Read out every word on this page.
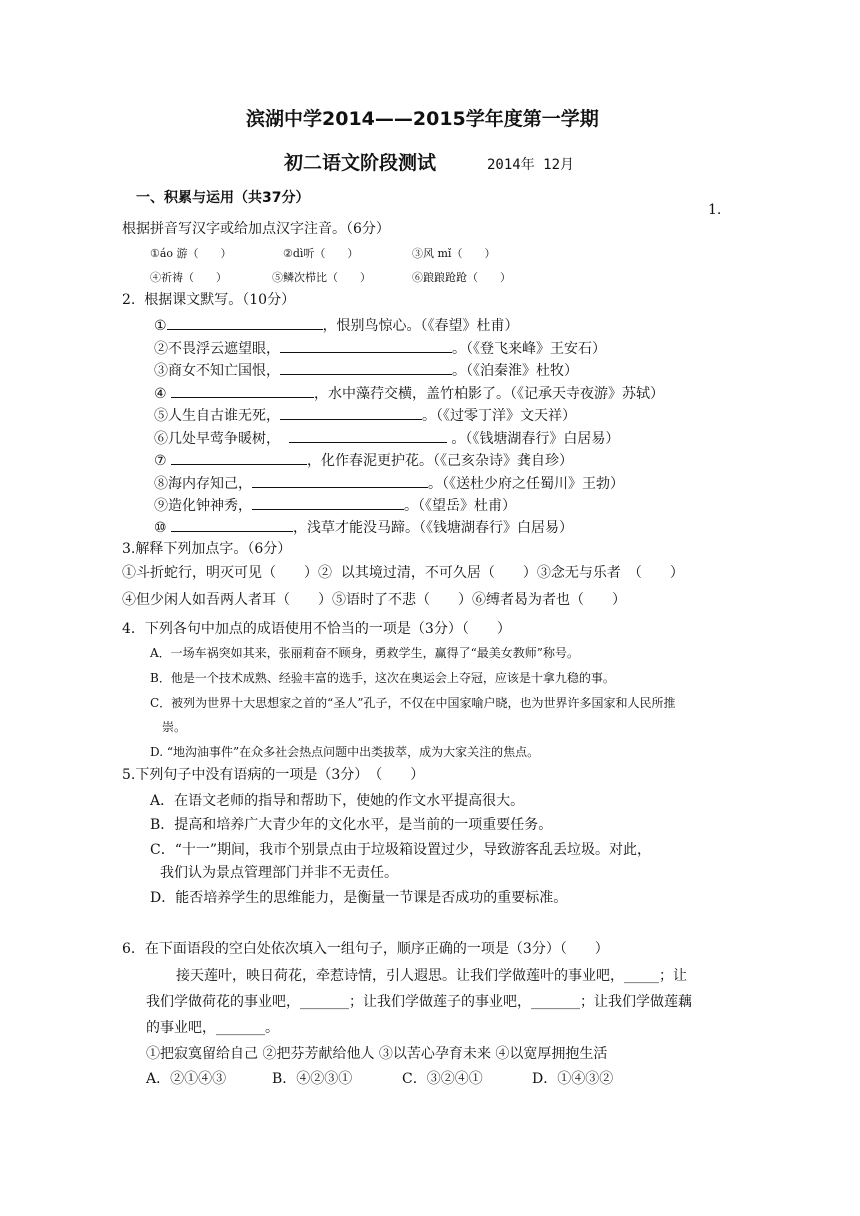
滨湖中学2014——2015学年度第一学期
初二语文阶段测试	2014年 12月
一、积累与运用（共37分）
1.
根据拼音写汉字或给加点汉字注音。（6分）
①áo 游（　　）	②dì听（　　）	③风 mǐ（　　）
④祈祷（　　）	⑤鳞次栉比（　　）	⑥踉踉跄跄（　　）
2.  根据课文默写。（10分）
①	，恨别鸟惊心。（《春望》杜甫）
②不畏浮云遮望眼，	。（《登飞来峰》王安石）
③商女不知亡国恨，	。（《泊秦淮》杜牧）
④	，水中藻荇交横，盖竹柏影了。（《记承天寺夜游》苏轼）
⑤人生自古谁无死，	。（《过零丁洋》文天祥）
⑥几处早莺争暖树，	。（《钱塘湖春行》白居易）
⑦	，化作春泥更护花。（《己亥杂诗》龚自珍）
⑧海内存知己，	。（《送杜少府之任蜀川》王勃）
⑨造化钟神秀，	。（《望岳》杜甫）
⑩	，浅草才能没马蹄。（《钱塘湖春行》白居易）
3.解释下列加点字。（6分）
①斗折蛇行，明灭可见（　　）②  以其境过清，不可久居（　　）③念无与乐者　（　　）
④但少闲人如吾两人者耳（　　）⑤语时了不悲（　　）⑥缚者曷为者也（　　）
4．下列各句中加点的成语使用不恰当的一项是（3分）（　　）
A．一场车祸突如其来，张丽莉奋不顾身，勇救学生，赢得了“最美女教师”称号。
B．他是一个技术成熟、经验丰富的选手，这次在奥运会上夺冠，应该是十拿九稳的事。
C．被列为世界十大思想家之首的“圣人”孔子，不仅在中国家喻户晓，也为世界许多国家和人民所推
崇。
D. “地沟油事件”在众多社会热点问题中出类拔萃，成为大家关注的焦点。
5.下列句子中没有语病的一项是（3分）　（　　）
A．在语文老师的指导和帮助下，使她的作文水平提高很大。
B．提高和培养广大青少年的文化水平，是当前的一项重要任务。
C．“十一”期间，我市个别景点由于垃圾箱设置过少，导致游客乱丢垃圾。对此，
我们认为景点管理部门并非不无责任。
D．能否培养学生的思维能力，是衡量一节课是否成功的重要标准。
6．在下面语段的空白处依次填入一组句子，顺序正确的一项是（3分）（　　）
接天莲叶，映日荷花，牵惹诗情，引人遐思。让我们学做莲叶的事业吧，_____；让
我们学做荷花的事业吧，_______；让我们学做莲子的事业吧，_______；让我们学做莲藕
的事业吧，_______。
①把寂寞留给自己 ②把芬芳献给他人 ③以苦心孕育未来 ④以宽厚拥抱生活
A．②①④③	B．④②③①	C．③②④①	D．①④③②
